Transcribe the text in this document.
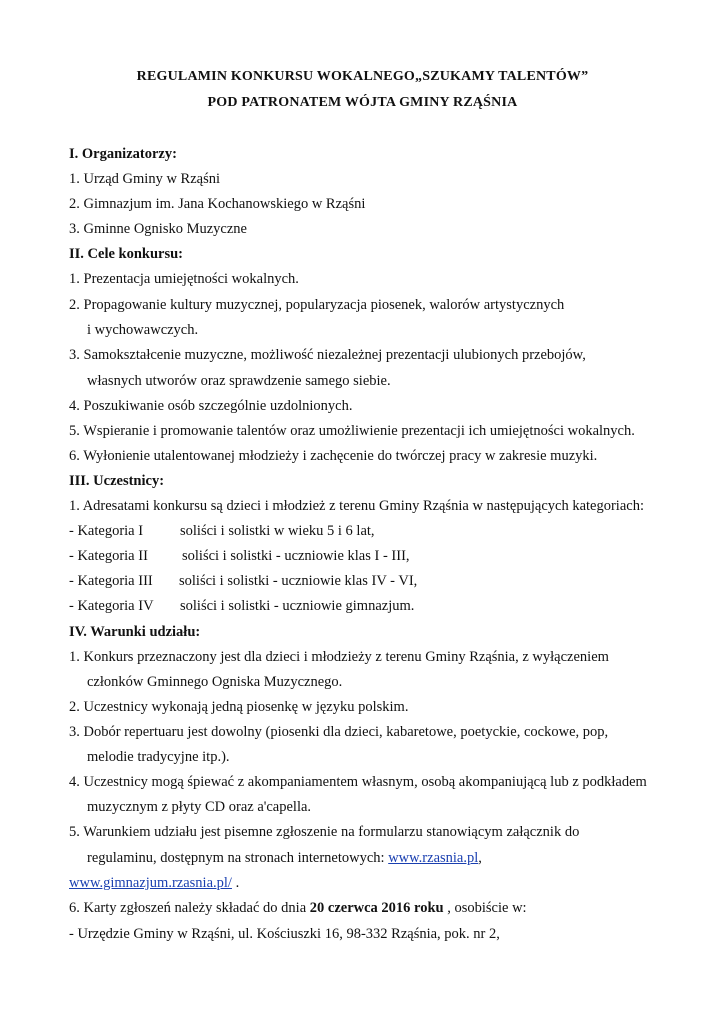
REGULAMIN KONKURSU WOKALNEGO„SZUKAMY TALENTÓW”
POD PATRONATEM WÓJTA GMINY RZĄŚNIA
I. Organizatorzy:
1. Urząd Gminy w Rząśni
2. Gimnazjum im. Jana Kochanowskiego w Rząśni
3. Gminne Ognisko Muzyczne
II. Cele konkursu:
1. Prezentacja umiejętności wokalnych.
2. Propagowanie kultury muzycznej, popularyzacja piosenek, walorów artystycznych
i wychowawczych.
3. Samokształcenie muzyczne, możliwość niezależnej prezentacji ulubionych przebojów,
własnych utworów oraz sprawdzenie samego siebie.
4. Poszukiwanie osób szczególnie uzdolnionych.
5. Wspieranie i promowanie talentów oraz umożliwienie prezentacji ich umiejętności wokalnych.
6. Wyłonienie utalentowanej młodzieży i zachęcenie do twórczej pracy w zakresie muzyki.
III. Uczestnicy:
1. Adresatami konkursu są dzieci i młodzież z terenu Gminy Rząśnia w następujących kategoriach:
- Kategoria I	soliści i solistki w wieku 5 i 6 lat,
- Kategoria II soliści i solistki - uczniowie klas I - III,
- Kategoria III soliści i solistki - uczniowie klas IV - VI,
- Kategoria IV soliści i solistki - uczniowie gimnazjum.
IV. Warunki udziału:
1. Konkurs przeznaczony jest dla dzieci i młodzieży z terenu Gminy Rząśnia, z wyłączeniem
członków Gminnego Ogniska Muzycznego.
2. Uczestnicy wykonają jedną piosenkę w języku polskim.
3. Dobór repertuaru jest dowolny (piosenki dla dzieci, kabaretowe, poetyckie, cockowe, pop,
melodie tradycyjne itp.).
4. Uczestnicy mogą śpiewać z akompaniamentem własnym, osobą akompaniującą lub z podkładem
muzycznym z płyty CD oraz a'capella.
5. Warunkiem udziału jest pisemne zgłoszenie na formularzu stanowiącym załącznik do
regulaminu, dostępnym na stronach internetowych: www.rzasnia.pl,
www.gimnazjum.rzasnia.pl/ .
6. Karty zgłoszeń należy składać do dnia 20 czerwca 2016 roku , osobiście w:
- Urzędzie Gminy w Rząśni, ul. Kościuszki 16, 98-332 Rząśnia, pok. nr 2,
